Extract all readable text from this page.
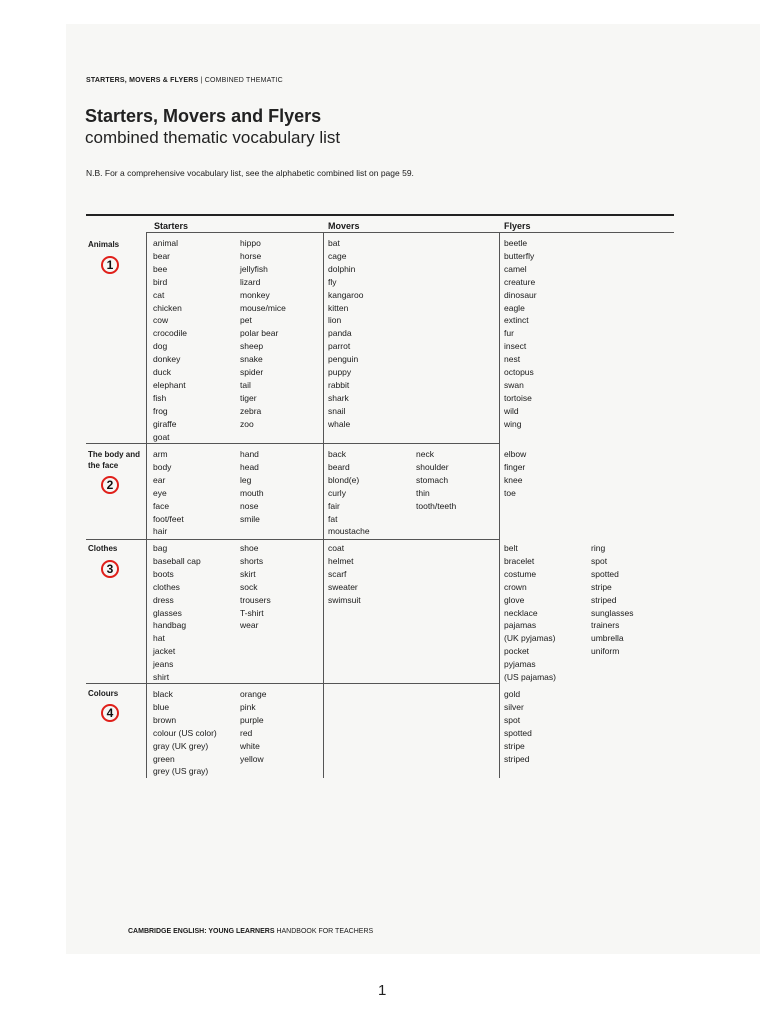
STARTERS, MOVERS & FLYERS | COMBINED THEMATIC
Starters, Movers and Flyers
combined thematic vocabulary list
N.B. For a comprehensive vocabulary list, see the alphabetic combined list on page 59.
Starters	Movers	Flyers
Animals
1
The body and the face
2
Clothes
3
Colours
4
animal
bear
bee
bird
cat
chicken
cow
crocodile
dog
donkey
duck
elephant
fish
frog
giraffe
goat
hippo
horse
jellyfish
lizard
monkey
mouse/mice
pet
polar bear
sheep
snake
spider
tail
tiger
zebra
zoo
bat
cage
dolphin
fly
kangaroo
kitten
lion
panda
parrot
penguin
puppy
rabbit
shark
snail
whale
beetle
butterfly
camel
creature
dinosaur
eagle
extinct
fur
insect
nest
octopus
swan
tortoise
wild
wing
arm
body
ear
eye
face
foot/feet
hair
hand
head
leg
mouth
nose
smile
back
beard
blond(e)
curly
fair
fat
moustache
neck
shoulder
stomach
thin
tooth/teeth
elbow
finger
knee
toe
bag
baseball cap
boots
clothes
dress
glasses
handbag
hat
jacket
jeans
shirt
shoe
shorts
skirt
sock
trousers
T-shirt
wear
coat
helmet
scarf
sweater
swimsuit
belt
bracelet
costume
crown
glove
necklace
pajamas
(UK pyjamas)
pocket
pyjamas
(US pajamas)
ring
spot
spotted
stripe
striped
sunglasses
trainers
umbrella
uniform
black
blue
brown
colour (US color)
gray (UK grey)
green
grey (US gray)
orange
pink
purple
red
white
yellow
gold
silver
spot
spotted
stripe
striped
CAMBRIDGE ENGLISH: YOUNG LEARNERS HANDBOOK FOR TEACHERS
1
